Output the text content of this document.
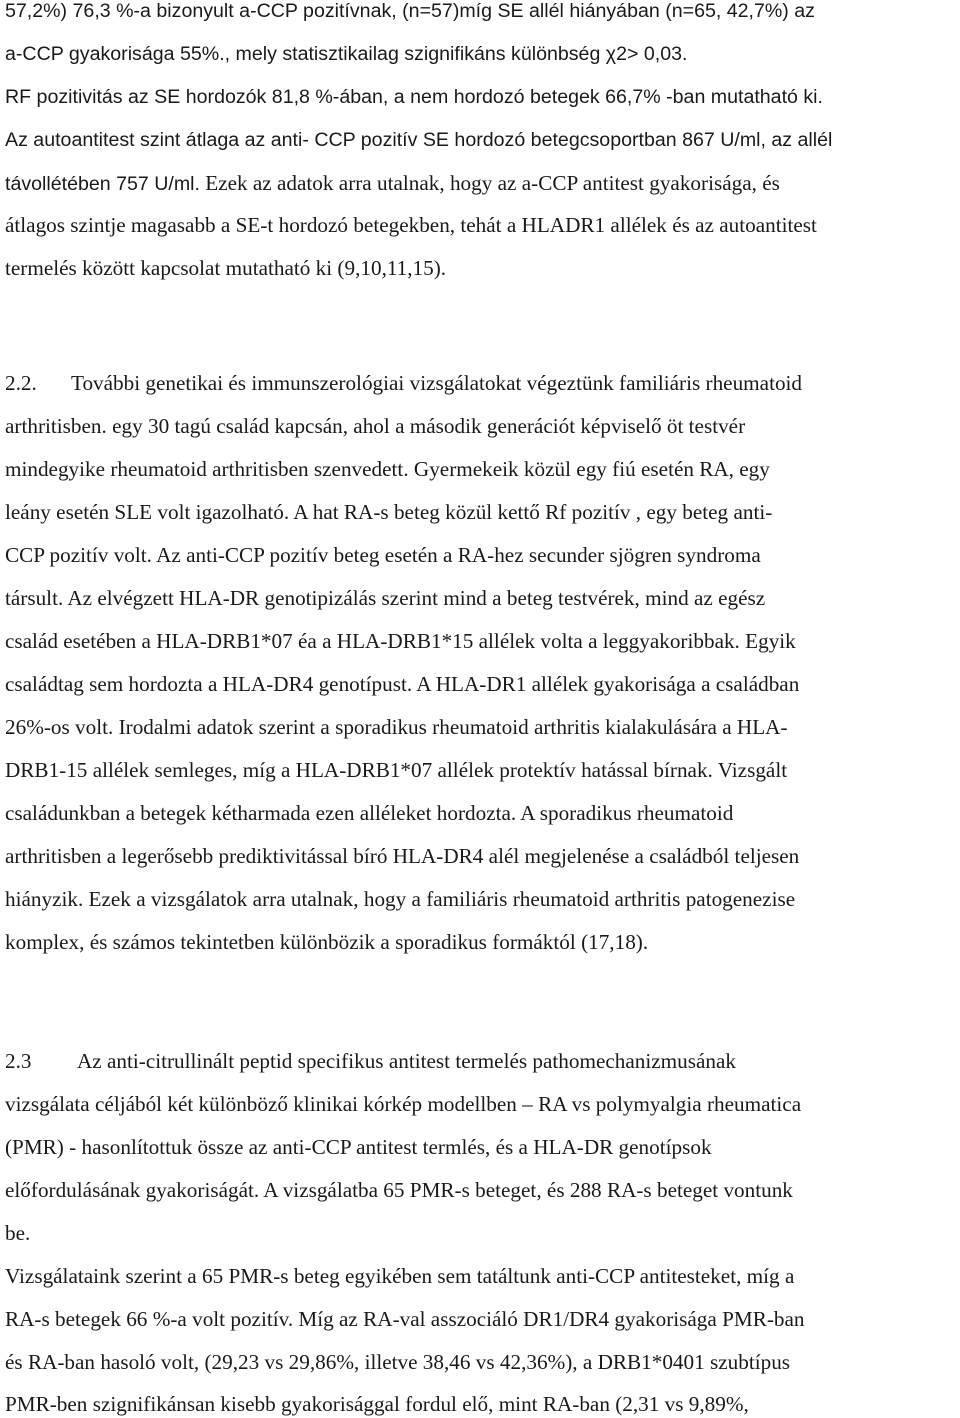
57,2%) 76,3 %-a bizonyult a-CCP pozitívnak, (n=57)míg SE allél hiányában (n=65, 42,7%) az
a-CCP gyakorisága 55%., mely statisztikailag szignifikáns különbség χ2> 0,03.
RF pozitivitás az SE hordozók 81,8 %-ában, a nem hordozó betegek 66,7% -ban mutatható ki.
Az autoantitest szint átlaga az anti- CCP pozitív SE hordozó betegcsoportban 867 U/ml, az allél
távollétében 757 U/ml. Ezek az adatok arra utalnak, hogy az a-CCP antitest gyakorisága, és
átlagos szintje magasabb a SE-t hordozó betegekben, tehát a HLADR1 allélek és az autoantitest
termelés között kapcsolat mutatható ki (9,10,11,15).
2.2. További genetikai és immunszerológiai vizsgálatokat végeztünk familiáris rheumatoid
arthritisben. egy 30 tagú család kapcsán, ahol a második generációt képviselő öt testvér
mindegyike rheumatoid arthritisben szenvedett. Gyermekeik közül egy fiú esetén RA, egy
leány esetén SLE volt igazolható. A hat RA-s beteg közül kettő Rf pozitív , egy beteg anti-
CCP pozitív volt. Az anti-CCP pozitív beteg esetén a RA-hez secunder sjögren syndroma
társult. Az elvégzett HLA-DR genotipizálás szerint mind a beteg testvérek, mind az egész
család esetében a HLA-DRB1*07 éa a HLA-DRB1*15 allélek volta a leggyakoribbak. Egyik
családtag sem hordozta a HLA-DR4 genotípust. A HLA-DR1 allélek gyakorisága a családban
26%-os volt. Irodalmi adatok szerint a sporadikus rheumatoid arthritis kialakulására a HLA-
DRB1-15 allélek semleges, míg a HLA-DRB1*07 allélek protektív hatással bírnak. Vizsgált
családunkban a betegek kétharmada ezen alléleket hordozta. A sporadikus rheumatoid
arthritisben a legerősebb prediktivitással bíró HLA-DR4 alél megjelenése a családból teljesen
hiányzik. Ezek a vizsgálatok arra utalnak, hogy a familiáris rheumatoid arthritis patogenezise
komplex, és számos tekintetben különbözik a sporadikus formáktól (17,18).
2.3 Az anti-citrullinált peptid specifikus antitest termelés pathomechanizmusának
vizsgálata céljából két különböző klinikai kórkép modellben – RA vs polymyalgia rheumatica
(PMR) - hasonlítottuk össze az anti-CCP antitest termlés, és a HLA-DR genotípsok
előfordulásának gyakoriságát. A vizsgálatba 65 PMR-s beteget, és 288 RA-s beteget vontunk
be.
Vizsgálataink szerint a 65 PMR-s beteg egyikében sem tatáltunk anti-CCP antitesteket, míg a
RA-s betegek 66 %-a volt pozitív. Míg az RA-val asszociáló DR1/DR4 gyakorisága PMR-ban
és RA-ban hasoló volt, (29,23 vs 29,86%, illetve 38,46 vs 42,36%), a DRB1*0401 szubtípus
PMR-ben szignifikánsan kisebb gyakorisággal fordul elő, mint RA-ban (2,31 vs 9,89%,
